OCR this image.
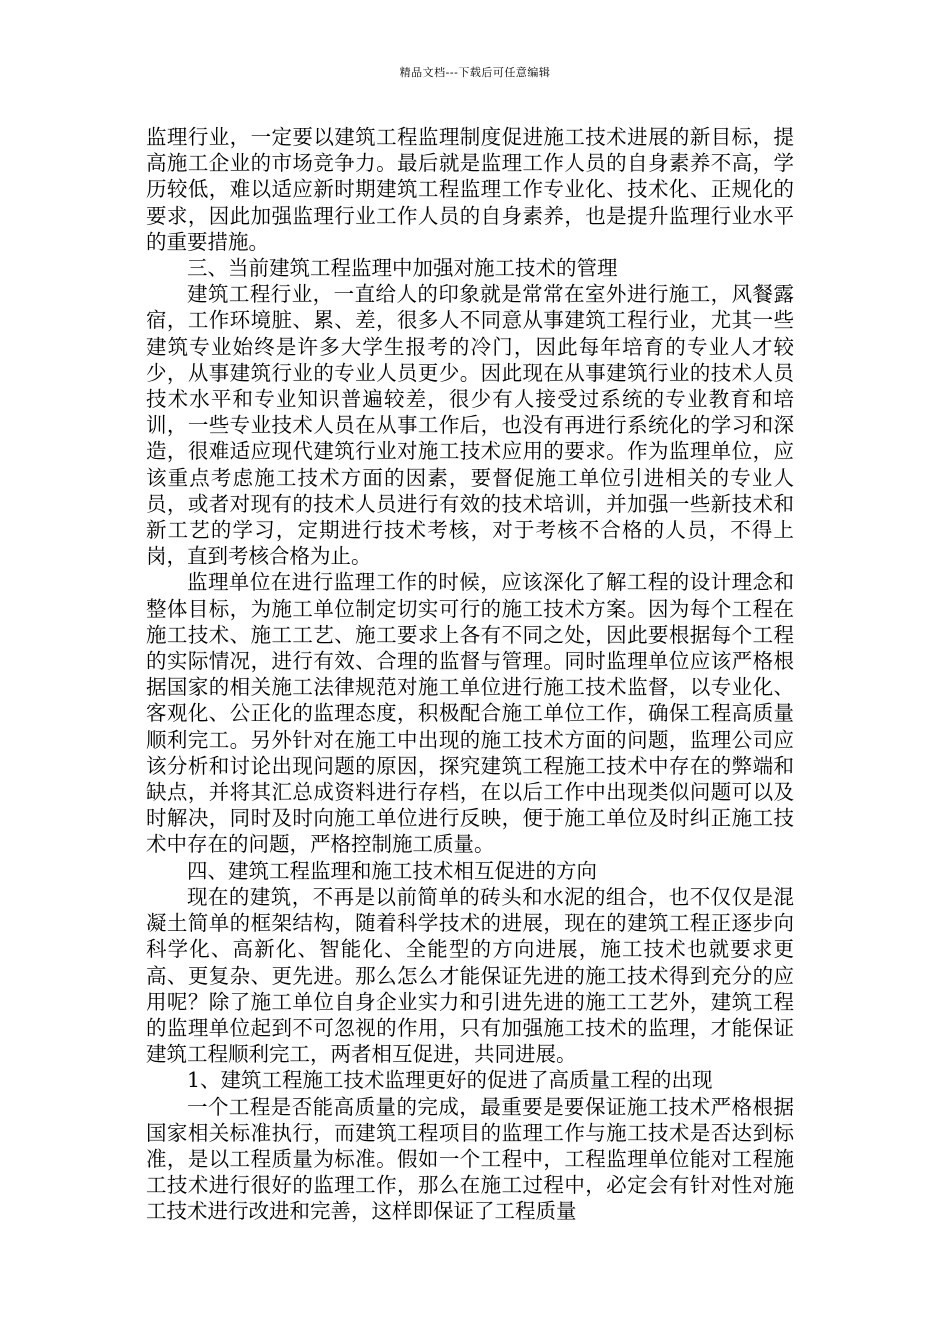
精品文档---下载后可任意编辑

监理行业，一定要以建筑工程监理制度促进施工技术进展的新目标，提高施工企业的市场竞争力。最后就是监理工作人员的自身素养不高，学历较低，难以适应新时期建筑工程监理工作专业化、技术化、正规化的要求，因此加强监理行业工作人员的自身素养，也是提升监理行业水平的重要措施。

三、当前建筑工程监理中加强对施工技术的管理

建筑工程行业，一直给人的印象就是常常在室外进行施工，风餐露宿，工作环境脏、累、差，很多人不同意从事建筑工程行业，尤其一些建筑专业始终是许多大学生报考的冷门，因此每年培育的专业人才较少，从事建筑行业的专业人员更少。因此现在从事建筑行业的技术人员技术水平和专业知识普遍较差，很少有人接受过系统的专业教育和培训，一些专业技术人员在从事工作后，也没有再进行系统化的学习和深造，很难适应现代建筑行业对施工技术应用的要求。作为监理单位，应该重点考虑施工技术方面的因素，要督促施工单位引进相关的专业人员，或者对现有的技术人员进行有效的技术培训，并加强一些新技术和新工艺的学习，定期进行技术考核，对于考核不合格的人员，不得上岗，直到考核合格为止。

监理单位在进行监理工作的时候，应该深化了解工程的设计理念和整体目标，为施工单位制定切实可行的施工技术方案。因为每个工程在施工技术、施工工艺、施工要求上各有不同之处，因此要根据每个工程的实际情况，进行有效、合理的监督与管理。同时监理单位应该严格根据国家的相关施工法律规范对施工单位进行施工技术监督，以专业化、客观化、公正化的监理态度，积极配合施工单位工作，确保工程高质量顺利完工。另外针对在施工中出现的施工技术方面的问题，监理公司应该分析和讨论出现问题的原因，探究建筑工程施工技术中存在的弊端和缺点，并将其汇总成资料进行存档，在以后工作中出现类似问题可以及时解决，同时及时向施工单位进行反映，便于施工单位及时纠正施工技术中存在的问题，严格控制施工质量。

四、建筑工程监理和施工技术相互促进的方向

现在的建筑，不再是以前简单的砖头和水泥的组合，也不仅仅是混凝土简单的框架结构，随着科学技术的进展，现在的建筑工程正逐步向科学化、高新化、智能化、全能型的方向进展，施工技术也就要求更高、更复杂、更先进。那么怎么才能保证先进的施工技术得到充分的应用呢？除了施工单位自身企业实力和引进先进的施工工艺外，建筑工程的监理单位起到不可忽视的作用，只有加强施工技术的监理，才能保证建筑工程顺利完工，两者相互促进，共同进展。

1、建筑工程施工技术监理更好的促进了高质量工程的出现

一个工程是否能高质量的完成，最重要是要保证施工技术严格根据国家相关标准执行，而建筑工程项目的监理工作与施工技术是否达到标准，是以工程质量为标准。假如一个工程中，工程监理单位能对工程施工技术进行很好的监理工作，那么在施工过程中，必定会有针对性对施工技术进行改进和完善，这样即保证了工程质量
